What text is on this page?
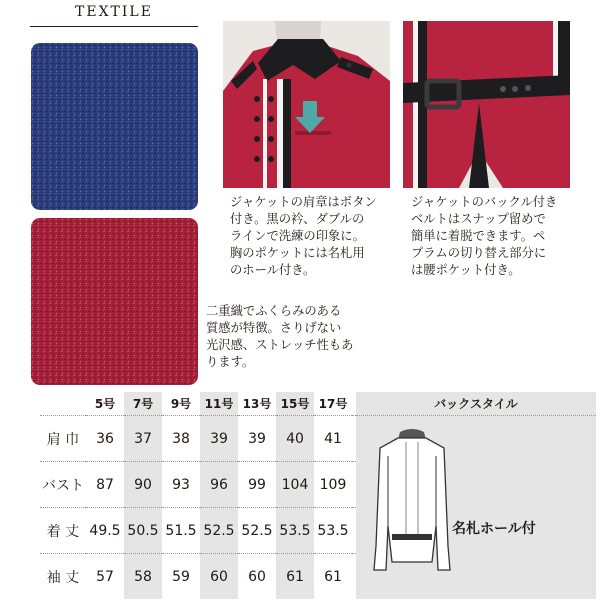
TEXTILE
ジャケットの肩章はボタン
付き。黒の衿、ダブルの
ラインで洗練の印象に。
胸のポケットには名札用
のホール付き。
ジャケットのバックル付き
ベルトはスナップ留めで
簡単に着脱できます。ペ
プラムの切り替え部分に
は腰ポケット付き。
二重織でふくらみのある
質感が特徴。さりげない
光沢感、ストレッチ性もあ
ります。
	5号	7号	9号	11号	13号	15号	17号		バックスタイル
肩 巾	36	37	38	39	39	40	41		名札ホール付

バスト	87	90	93	96	99	104	109		
着 丈	49.5	50.5	51.5	52.5	52.5	53.5	53.5		
袖 丈	57	58	59	60	60	61	61		
